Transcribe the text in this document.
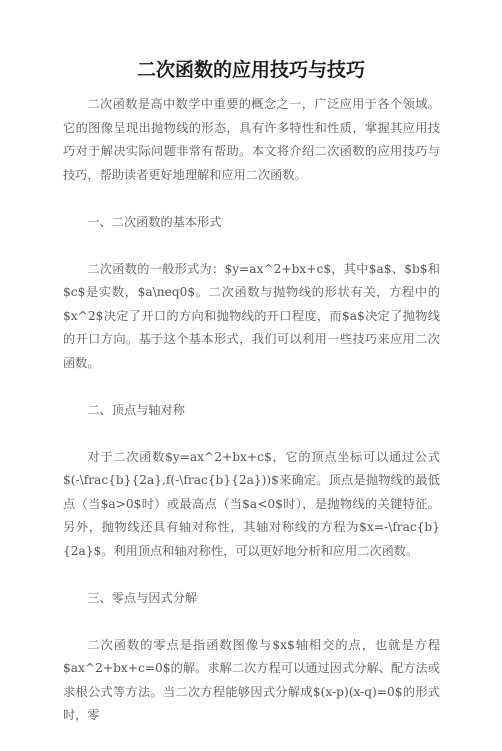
二次函数的应用技巧与技巧

二次函数是高中数学中重要的概念之一，广泛应用于各个领域。它的图像呈现出抛物线的形态，具有许多特性和性质，掌握其应用技巧对于解决实际问题非常有帮助。本文将介绍二次函数的应用技巧与技巧，帮助读者更好地理解和应用二次函数。

一、二次函数的基本形式

二次函数的一般形式为：$y=ax^2+bx+c$，其中$a$、$b$和$c$是实数，$a\neq0$。二次函数与抛物线的形状有关，方程中的$x^2$决定了开口的方向和抛物线的开口程度，而$a$决定了抛物线的开口方向。基于这个基本形式，我们可以利用一些技巧来应用二次函数。

二、顶点与轴对称

对于二次函数$y=ax^2+bx+c$，它的顶点坐标可以通过公式$(-\frac{b}{2a},f(-\frac{b}{2a}))$来确定。顶点是抛物线的最低点（当$a>0$时）或最高点（当$a<0$时），是抛物线的关键特征。另外，抛物线还具有轴对称性，其轴对称线的方程为$x=-\frac{b}{2a}$。利用顶点和轴对称性，可以更好地分析和应用二次函数。

三、零点与因式分解

二次函数的零点是指函数图像与$x$轴相交的点，也就是方程$ax^2+bx+c=0$的解。求解二次方程可以通过因式分解、配方法或求根公式等方法。当二次方程能够因式分解成$(x-p)(x-q)=0$的形式时，零
